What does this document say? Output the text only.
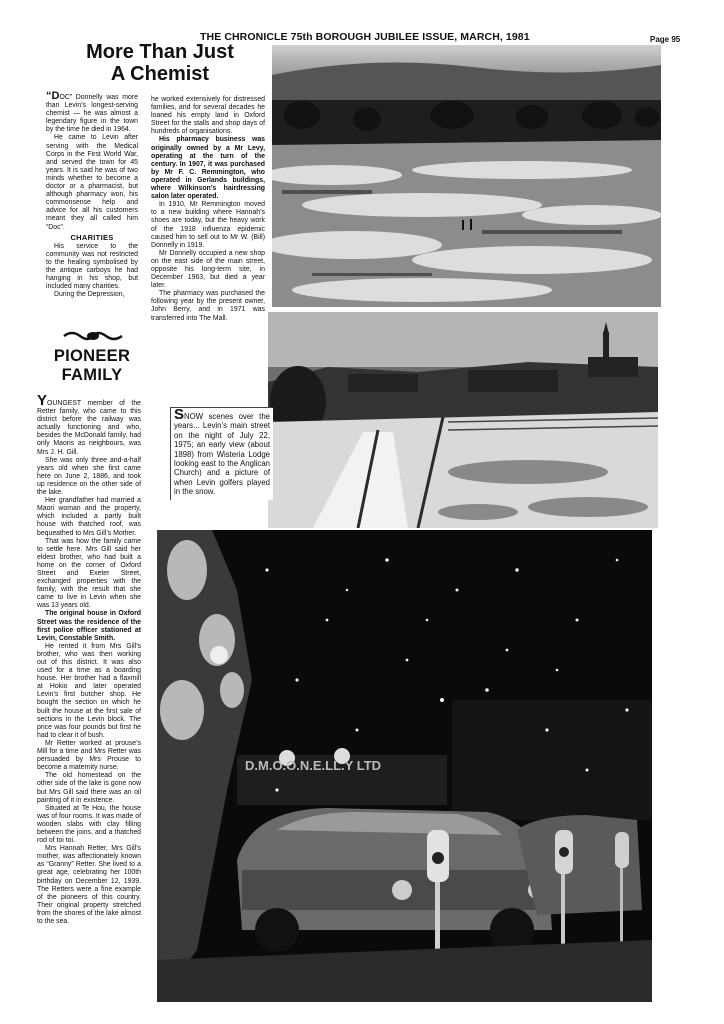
THE CHRONICLE 75th BOROUGH JUBILEE ISSUE, MARCH, 1981	Page 95
More Than Just
A Chemist

“DOC” Donnelly was more than Levin’s longest-serving chemist — he was almost a legendary figure in the town by the time he died in 1964.

He came to Levin after serving with the Medical Corps in the First World War, and served the town for 45 years. It is said he was of two minds whether to become a doctor or a pharmacist, but although pharmacy won, his commonsense help and advice for all his customers meant they all called him “Doc”.

CHARITIES

His service to the community was not restricted to the healing symbolised by the antique carboys he had hanging in his shop, but included many charities.

During the Depression,

he worked extensively for distressed families, and for several decades he loaned his empty land in Oxford Street for the stalls and shop days of hundreds of organisations.

His pharmacy business was originally owned by a Mr Levy, operating at the turn of the century. In 1907, it was purchased by Mr F. C. Remmington, who operated in Gerlands buildings, where Wilkinson’s hairdressing salon later operated.

In 1910, Mr Remmington moved to a new building where Hannah’s shoes are today, but the heavy work of the 1918 influenza epidemic caused him to sell out to Mr W. (Bill) Donnelly in 1919.

Mr Donnelly occupied a new shop on the east side of the main street, opposite his long-term site, in December 1963, but died a year later.

The pharmacy was purchased the following year by the present owner, John Berry, and in 1971 was transferred into The Mall.

PIONEER
FAMILY

YOUNGEST member of the Retter family, who came to this district before the railway was actually functioning and who, besides the McDonald family, had only Maoris as neighbours, was Mrs J. H. Gill.

She was only three and-a-half years old when she first came here on June 2, 1886, and took up residence on the other side of the lake.

Her grandfather had married a Maori woman and the property, which included a partly built house with thatched roof, was bequeathed to Mrs Gill’s Mother.

That was how the family came to settle here. Mrs Gill said her eldest brother, who had built a home on the corner of Oxford Street and Exeter Street, exchanged properties with the family, with the result that she came to live in Levin when she was 13 years old.

The original house in Oxford Street was the residence of the first police officer stationed at Levin, Constable Smith.

He rented it from Mrs Gill’s brother, who was then working out of this district. It was also used for a time as a boarding house. Her brother had a flaxmill at Hokio and later operated Levin’s first butcher shop. He bought the section on which he built the house at the first sale of sections in the Levin block. The price was four pounds but first he had to clear it of bush.

Mr Retter worked at prouse’s Mill for a time and Mrs Retter was persuaded by Mrs Prouse to become a maternity nurse.

The old homestead on the other side of the lake is gone now but Mrs Gill said there was an oil painting of it in existence.

Situated at Te Hou, the house was of four rooms. It was made of wooden slabs with clay filling between the joins, and a thatched rod of toi toi.

Mrs Hannah Retter, Mrs Gill’s mother, was affectionately known as “Granny” Retter. She lived to a great age, celebrating her 100th birthday on December 12, 1939. The Retters were a fine example of the pioneers of this country. Their original property stretched from the shores of the lake almost to the sea.

D.M.O.O.N.E.LL.Y LTD
SNOW scenes over the years... Levin’s main street on the night of July 22, 1975; an early view (about 1898) from Wisteria Lodge looking east to the Anglican Church) and a picture of when Levin golfers played in the snow.
